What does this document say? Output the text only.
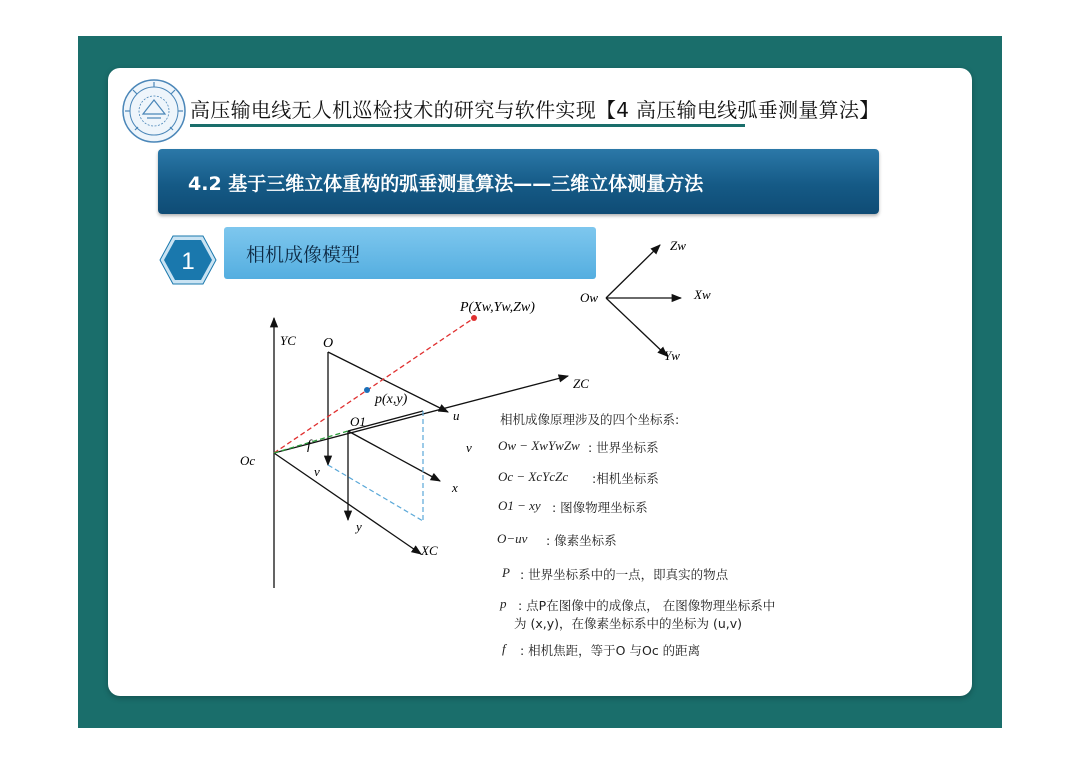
高压输电线无人机巡检技术的研究与软件实现【4 高压输电线弧垂测量算法】
4.2 基于三维立体重构的弧垂测量算法——三维立体测量方法
1	相机成像模型
Ow
Zw
Xw
Yw
P(Xw,Yw,Zw)
p(x,y)
Oc
YC
ZC
XC
f
O
O1	u
v
v
x
y
相机成像原理涉及的四个坐标系:
Ow − XwYwZw : 世界坐标系
Oc − XcYcZc :相机坐标系
O1 − xy : 图像物理坐标系
O−uv : 像素坐标系
P : 世界坐标系中的一点，即真实的物点
p : 点P在图像中的成像点， 在图像物理坐标系中
为 (x,y)，在像素坐标系中的坐标为 (u,v)
f : 相机焦距，等于O 与Oc 的距离
